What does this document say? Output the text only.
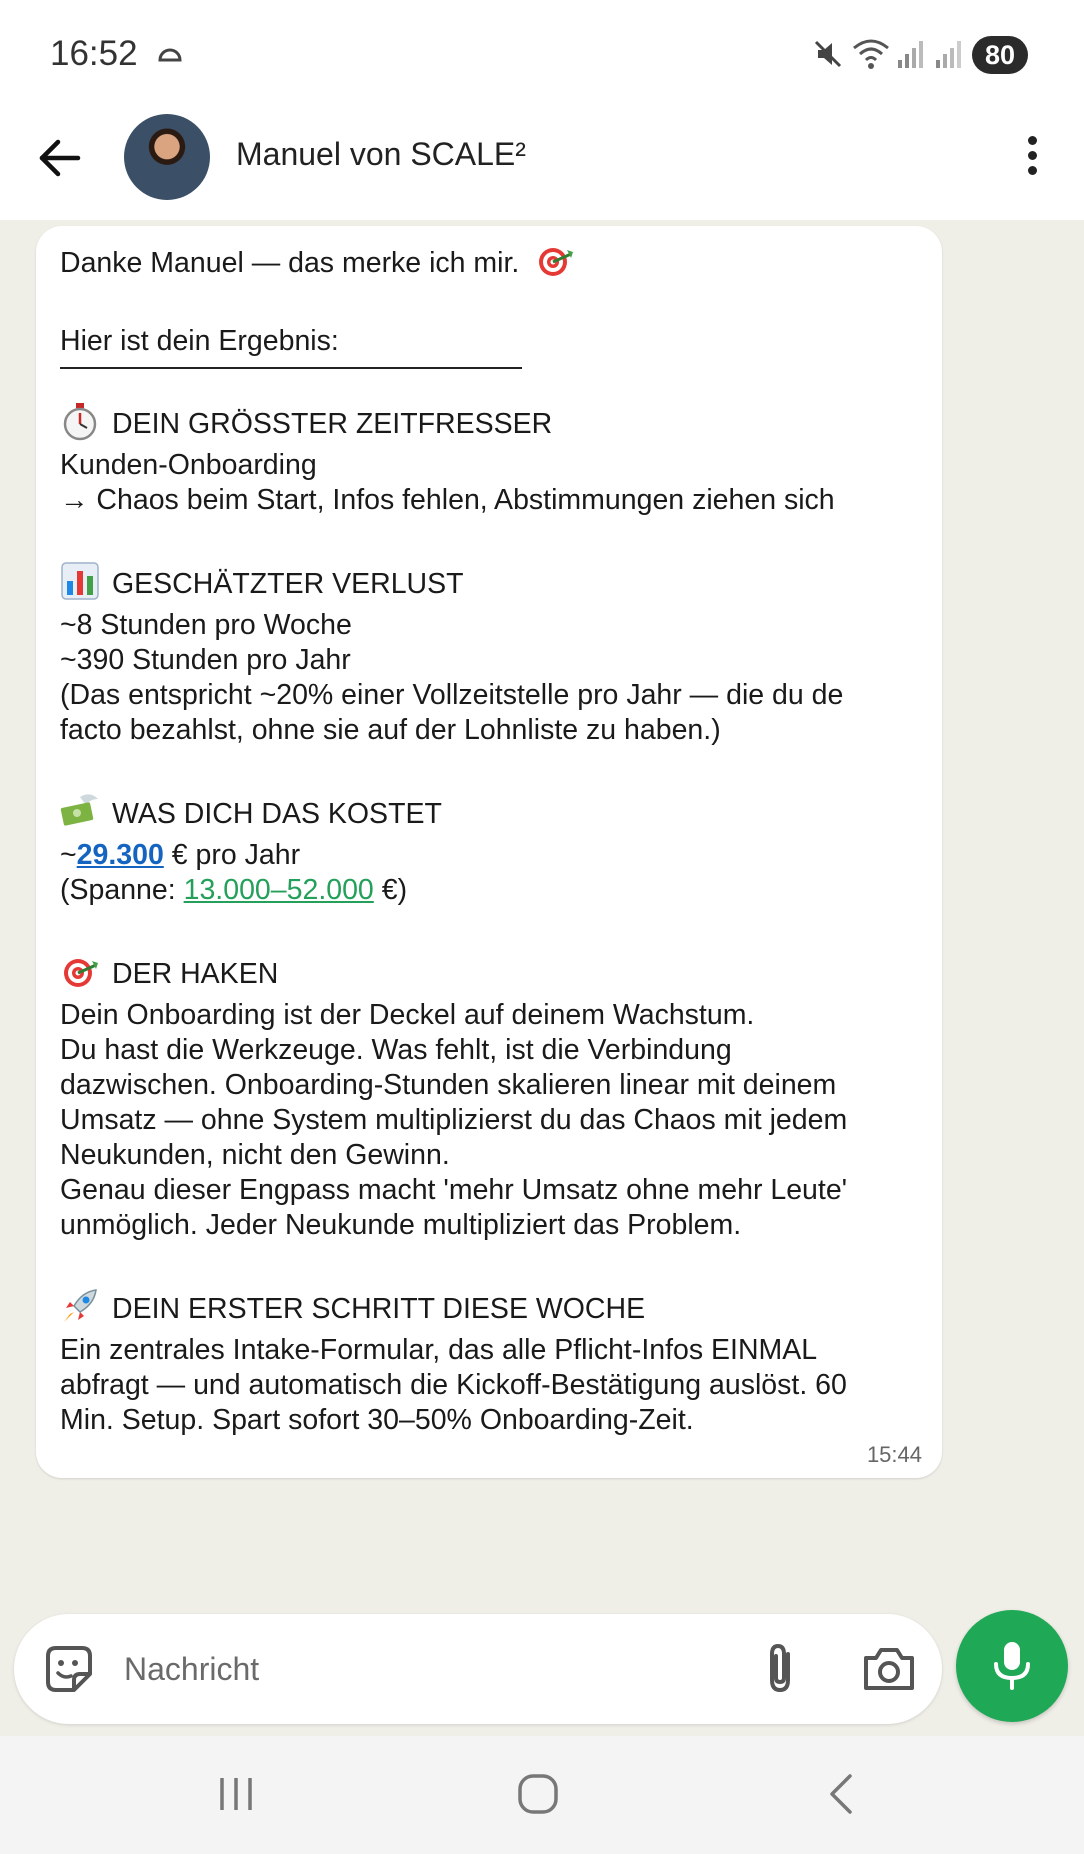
16:52	80
Manuel von SCALE²

Danke Manuel — das merke ich mir.

Hier ist dein Ergebnis:

DEIN GRÖSSTER ZEITFRESSER

Kunden-Onboarding

→ Chaos beim Start, Infos fehlen, Abstimmungen ziehen sich

GESCHÄTZTER VERLUST

~8 Stunden pro Woche

~390 Stunden pro Jahr

(Das entspricht ~20% einer Vollzeitstelle pro Jahr — die du de

facto bezahlst, ohne sie auf der Lohnliste zu haben.)

WAS DICH DAS KOSTET

~29.300 € pro Jahr

(Spanne: 13.000–52.000 €)

DER HAKEN

Dein Onboarding ist der Deckel auf deinem Wachstum.

Du hast die Werkzeuge. Was fehlt, ist die Verbindung

dazwischen. Onboarding-Stunden skalieren linear mit deinem

Umsatz — ohne System multiplizierst du das Chaos mit jedem

Neukunden, nicht den Gewinn.

Genau dieser Engpass macht 'mehr Umsatz ohne mehr Leute'

unmöglich. Jeder Neukunde multipliziert das Problem.

DEIN ERSTER SCHRITT DIESE WOCHE

Ein zentrales Intake-Formular, das alle Pflicht-Infos EINMAL

abfragt — und automatisch die Kickoff-Bestätigung auslöst. 60

Min. Setup. Spart sofort 30–50% Onboarding-Zeit.

15:44
Nachricht
